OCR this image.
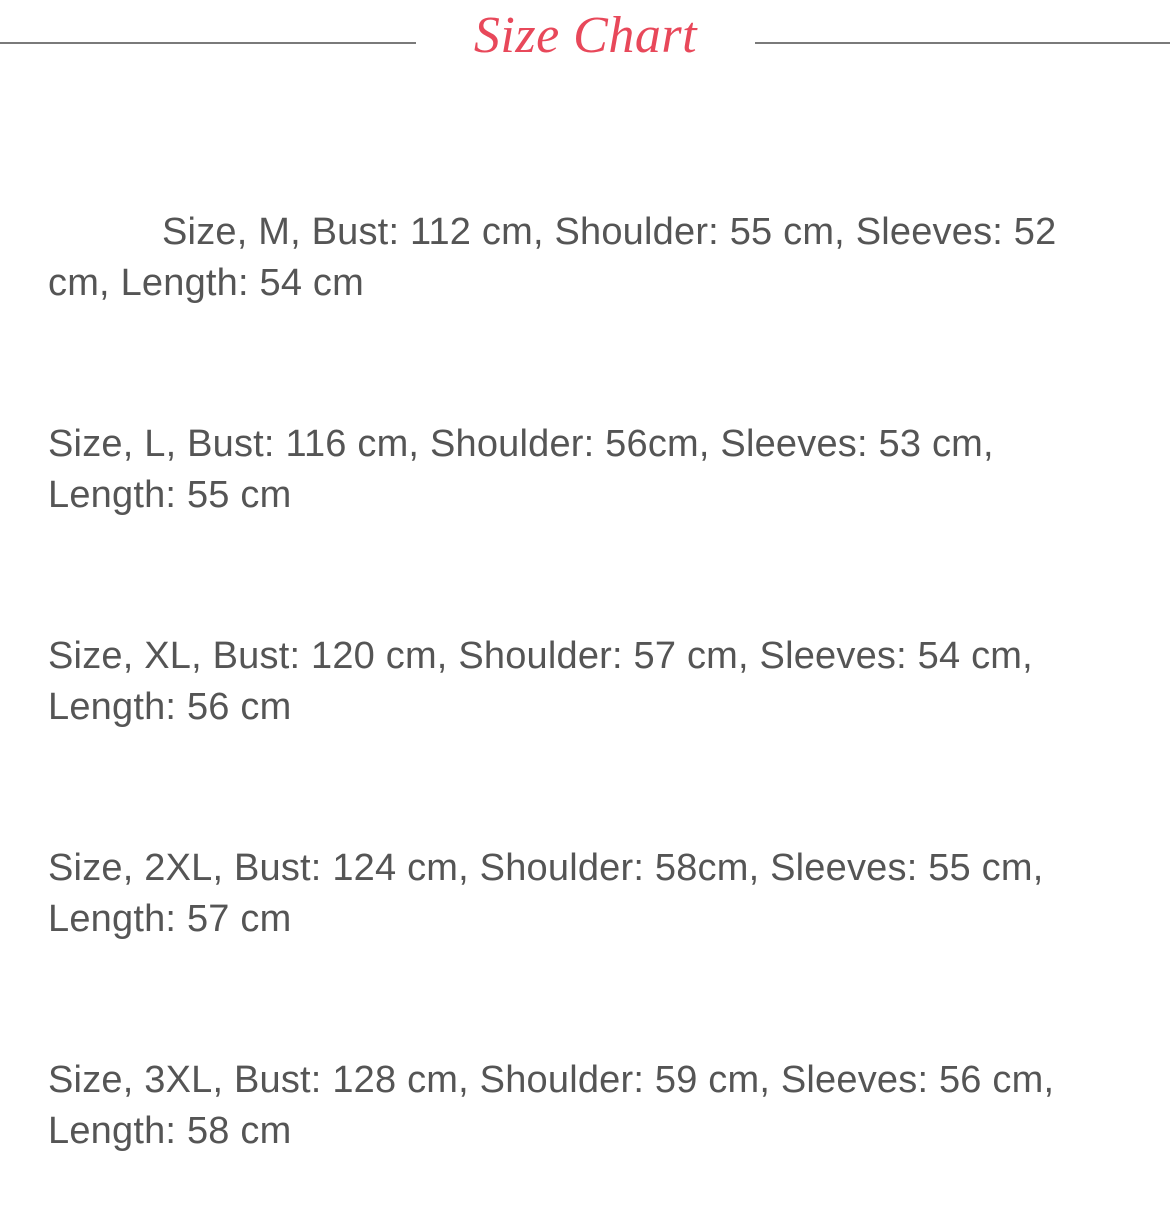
Size Chart
Size, M, Bust: 112 cm, Shoulder: 55 cm, Sleeves: 52 cm, Length: 54 cm
Size, L, Bust: 116 cm, Shoulder: 56cm, Sleeves: 53 cm, Length: 55 cm
Size, XL, Bust: 120 cm, Shoulder: 57 cm, Sleeves: 54 cm, Length: 56 cm
Size, 2XL, Bust: 124 cm, Shoulder: 58cm, Sleeves: 55 cm, Length: 57 cm
Size, 3XL, Bust: 128 cm, Shoulder: 59 cm, Sleeves: 56 cm, Length: 58 cm
